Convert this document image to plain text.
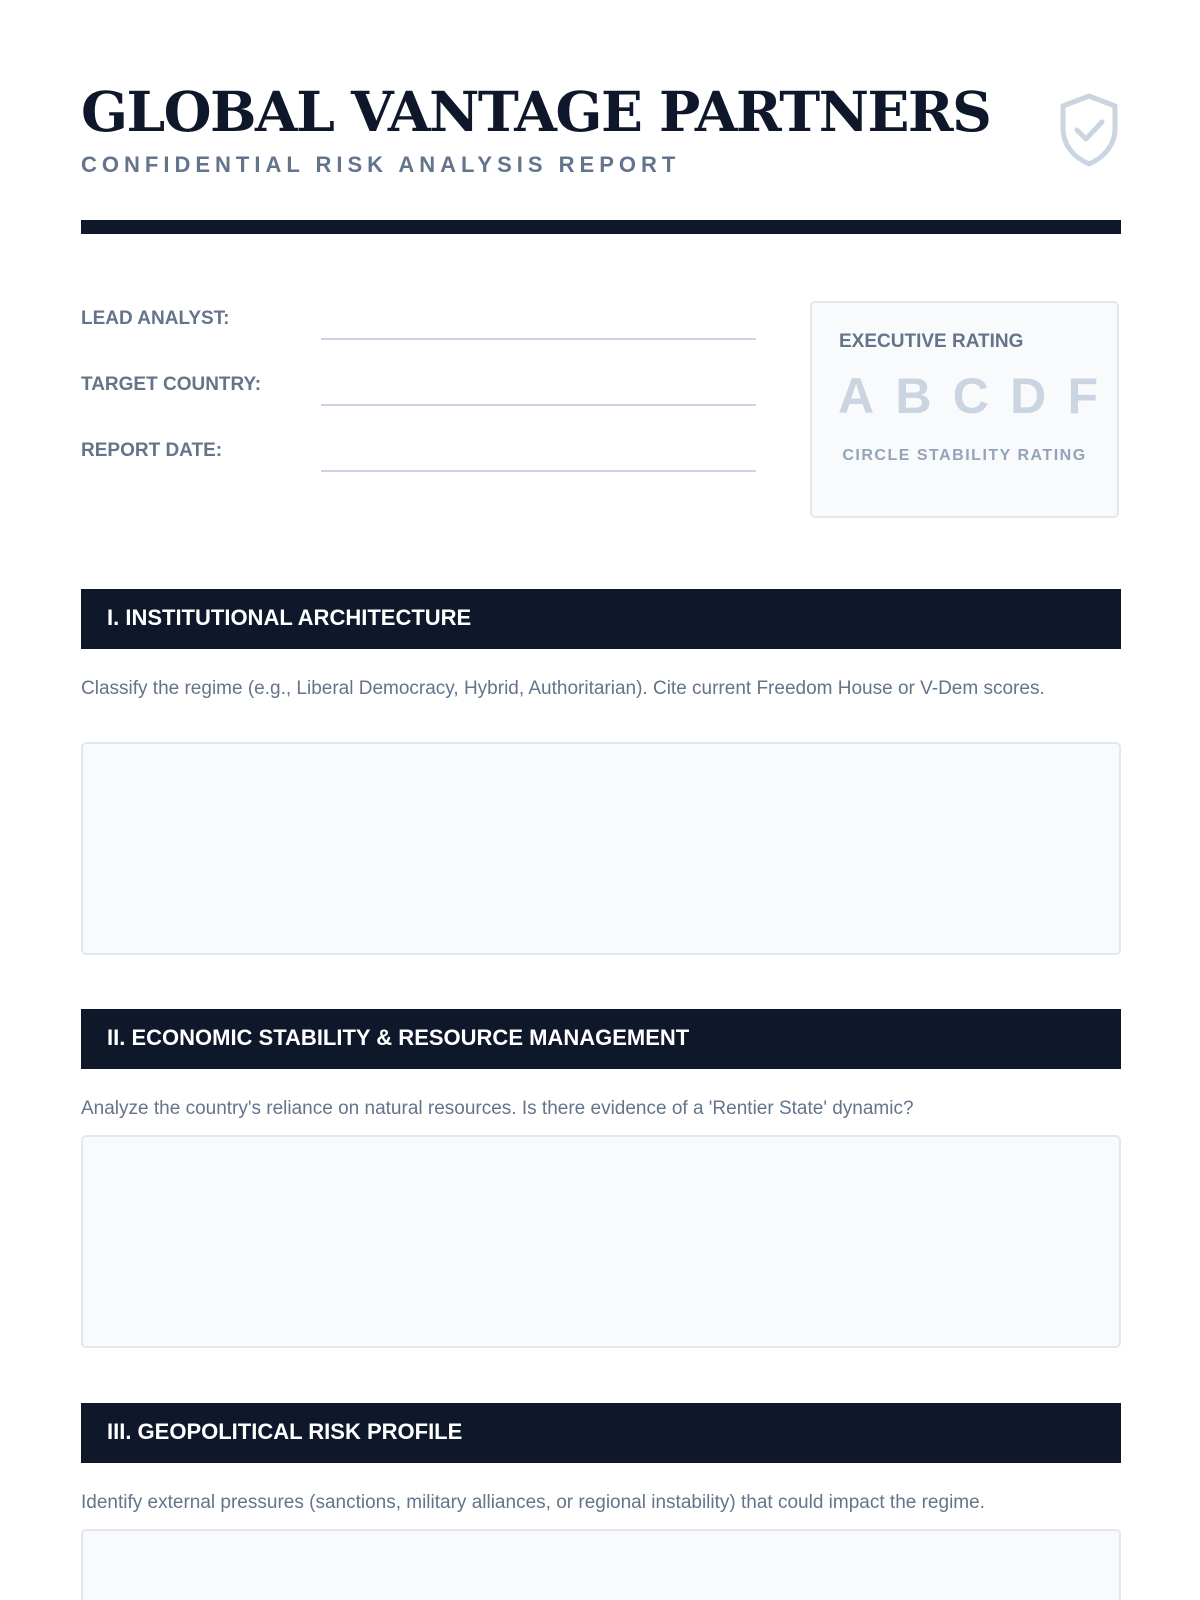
GLOBAL VANTAGE PARTNERS
CONFIDENTIAL RISK ANALYSIS REPORT
LEAD ANALYST:
TARGET COUNTRY:
REPORT DATE:
EXECUTIVE RATING
A B C D F
CIRCLE STABILITY RATING
I. INSTITUTIONAL ARCHITECTURE
Classify the regime (e.g., Liberal Democracy, Hybrid, Authoritarian). Cite current Freedom House or V-Dem scores.
II. ECONOMIC STABILITY & RESOURCE MANAGEMENT
Analyze the country's reliance on natural resources. Is there evidence of a 'Rentier State' dynamic?
III. GEOPOLITICAL RISK PROFILE
Identify external pressures (sanctions, military alliances, or regional instability) that could impact the regime.
